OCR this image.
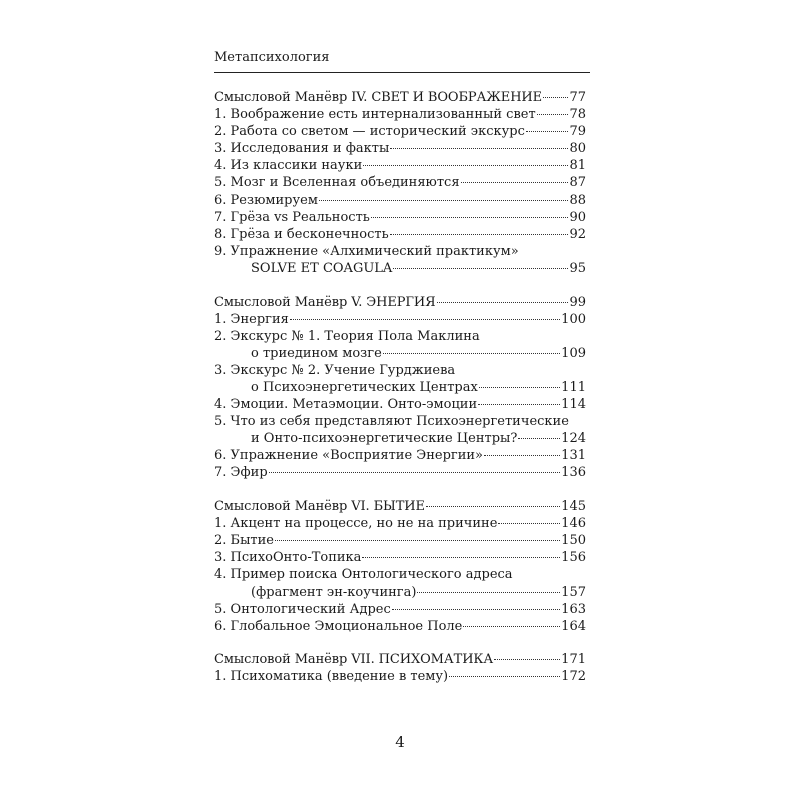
Метапсихология
Смысловой Манёвр IV. СВЕТ И ВООБРАЖЕНИЕ 77
1. Воображение есть интернализованный свет	78
2. Работа со светом — исторический экскурс	79
3. Исследования и факты	80
4. Из классики науки	81
5. Мозг и Вселенная объединяются	87
6. Резюмируем	88
7. Грёза vs Реальность	90
8. Грёза и бесконечность	92
9. Упражнение «Алхимический практикум»
SOLVE ET COAGULA	95
Смысловой Манёвр V. ЭНЕРГИЯ	99
1. Энергия	100
2. Экскурс № 1. Теория Пола Маклина
о триедином мозге	109
3. Экскурс № 2. Учение Гурджиева
о Психоэнергетических Центрах	111
4. Эмоции. Метаэмоции. Онто-эмоции	114
5. Что из себя представляют Психоэнергетические
и Онто-психоэнергетические Центры?	124
6. Упражнение «Восприятие Энергии»	131
7. Эфир	136
Смысловой Манёвр VI. БЫТИЕ	145
1. Акцент на процессе, но не на причине	146
2. Бытие	150
3. ПсихоОнто-Топика	156
4. Пример поиска Онтологического адреса
(фрагмент эн-коучинга)	157
5. Онтологический Адрес	163
6. Глобальное Эмоциональное Поле	164
Смысловой Манёвр VII. ПСИХОМАТИКА	171
1. Психоматика (введение в тему)	172
4
